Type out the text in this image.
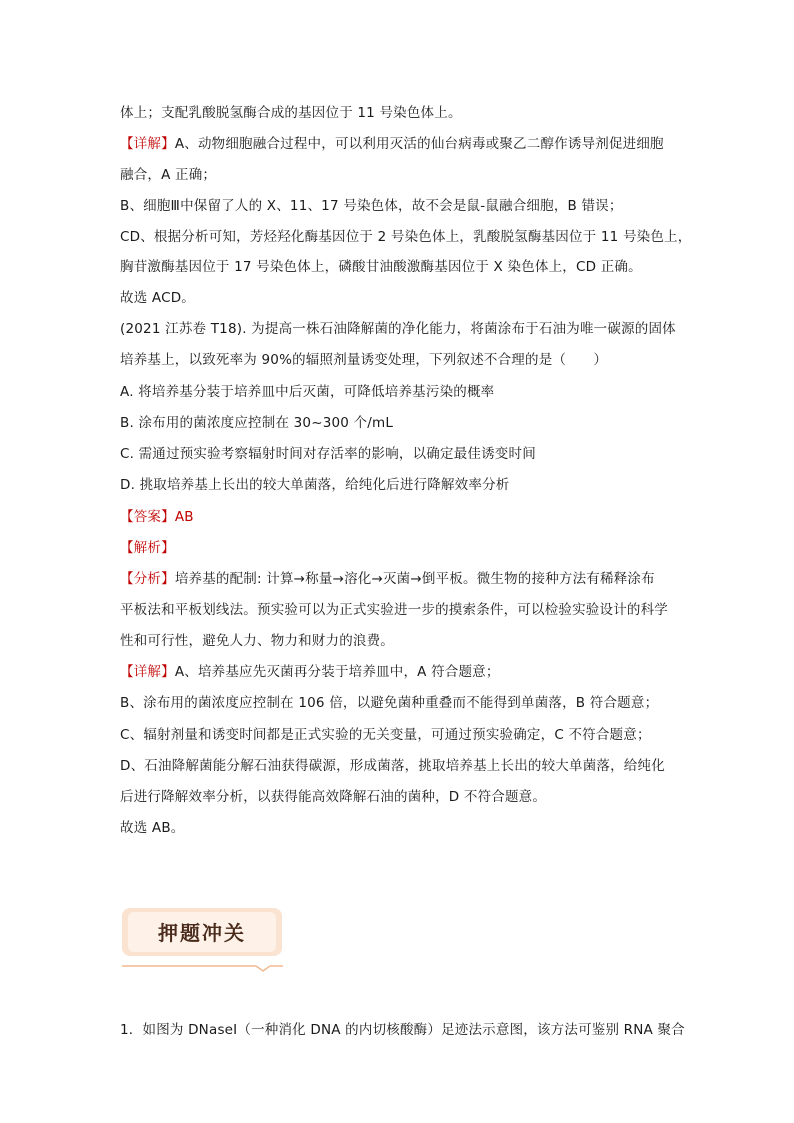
体上；支配乳酸脱氢酶合成的基因位于 11 号染色体上。
【详解】A、动物细胞融合过程中，可以利用灭活的仙台病毒或聚乙二醇作诱导剂促进细胞
融合，A 正确；
B、细胞Ⅲ中保留了人的 X、11、17 号染色体，故不会是鼠-鼠融合细胞，B 错误；
CD、根据分析可知，芳烃羟化酶基因位于 2 号染色体上，乳酸脱氢酶基因位于 11 号染色上，
胸苷激酶基因位于 17 号染色体上，磷酸甘油酸激酶基因位于 X 染色体上，CD 正确。
故选 ACD。
(2021 江苏卷 T18). 为提高一株石油降解菌的净化能力，将菌涂布于石油为唯一碳源的固体
培养基上，以致死率为 90%的辐照剂量诱变处理，下列叙述不合理的是（　　）
A. 将培养基分装于培养皿中后灭菌，可降低培养基污染的概率
B. 涂布用的菌浓度应控制在 30~300 个/mL
C. 需通过预实验考察辐射时间对存活率的影响，以确定最佳诱变时间
D. 挑取培养基上长出的较大单菌落，给纯化后进行降解效率分析
【答案】AB
【解析】
【分析】培养基的配制: 计算→称量→溶化→灭菌→倒平板。微生物的接种方法有稀释涂布
平板法和平板划线法。预实验可以为正式实验进一步的摸索条件，可以检验实验设计的科学
性和可行性，避免人力、物力和财力的浪费。
【详解】A、培养基应先灭菌再分装于培养皿中，A 符合题意；
B、涂布用的菌浓度应控制在 106 倍，以避免菌种重叠而不能得到单菌落，B 符合题意；
C、辐射剂量和诱变时间都是正式实验的无关变量，可通过预实验确定，C 不符合题意；
D、石油降解菌能分解石油获得碳源，形成菌落，挑取培养基上长出的较大单菌落，给纯化
后进行降解效率分析，以获得能高效降解石油的菌种，D 不符合题意。
故选 AB。
押题冲关
1．如图为 DNaseI（一种消化 DNA 的内切核酸酶）足迹法示意图，该方法可鉴别 RNA 聚合
